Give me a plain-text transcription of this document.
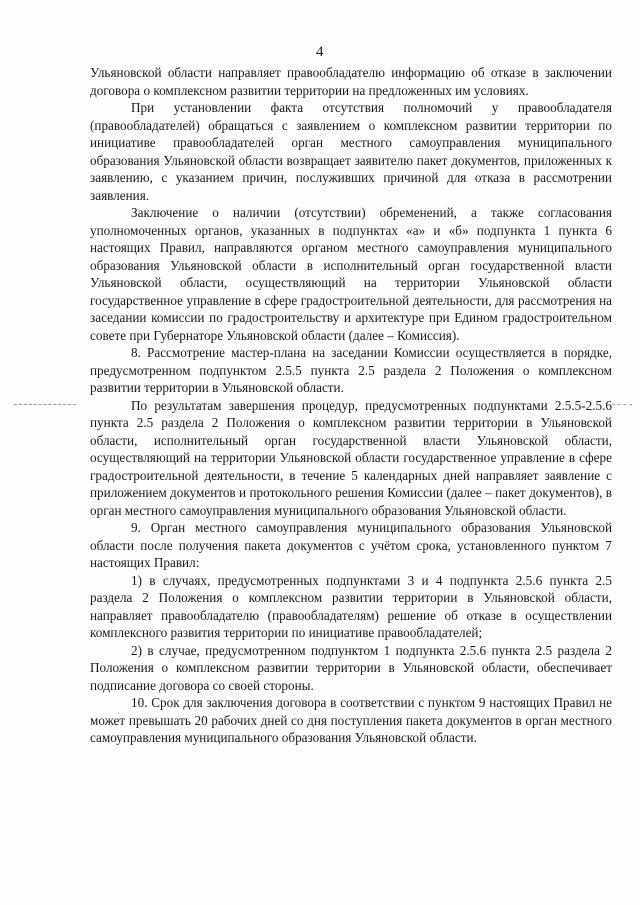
4

Ульяновской области направляет правообладателю информацию об отказе в заключении договора о комплексном развитии территории на предложенных им условиях.

При установлении факта отсутствия полномочий у правообладателя (правообладателей) обращаться с заявлением о комплексном развитии территории по инициативе правообладателей орган местного самоуправления муниципального образования Ульяновской области возвращает заявителю пакет документов, приложенных к заявлению, с указанием причин, послуживших причиной для отказа в рассмотрении заявления.

Заключение о наличии (отсутствии) обременений, а также согласования уполномоченных органов, указанных в подпунктах «а» и «б» подпункта 1 пункта 6 настоящих Правил, направляются органом местного самоуправления муниципального образования Ульяновской области в исполнительный орган государственной власти Ульяновской области, осуществляющий на территории Ульяновской области государственное управление в сфере градостроительной деятельности, для рассмотрения на заседании комиссии по градостроительству и архитектуре при Едином градостроительном совете при Губернаторе Ульяновской области (далее – Комиссия).

8. Рассмотрение мастер-плана на заседании Комиссии осуществляется в порядке, предусмотренном подпунктом 2.5.5 пункта 2.5 раздела 2 Положения о комплексном развитии территории в Ульяновской области.

По результатам завершения процедур, предусмотренных подпунктами 2.5.5-2.5.6 пункта 2.5 раздела 2 Положения о комплексном развитии территории в Ульяновской области, исполнительный орган государственной власти Ульяновской области, осуществляющий на территории Ульяновской области государственное управление в сфере градостроительной деятельности, в течение 5 календарных дней направляет заявление с приложением документов и протокольного решения Комиссии (далее – пакет документов), в орган местного самоуправления муниципального образования Ульяновской области.

9. Орган местного самоуправления муниципального образования Ульяновской области после получения пакета документов с учётом срока, установленного пунктом 7 настоящих Правил:

1) в случаях, предусмотренных подпунктами 3 и 4 подпункта 2.5.6 пункта 2.5 раздела 2 Положения о комплексном развитии территории в Ульяновской области, направляет правообладателю (правообладателям) решение об отказе в осуществлении комплексного развития территории по инициативе правообладателей;

2) в случае, предусмотренном подпунктом 1 подпункта 2.5.6 пункта 2.5 раздела 2 Положения о комплексном развитии территории в Ульяновской области, обеспечивает подписание договора со своей стороны.

10. Срок для заключения договора в соответствии с пунктом 9 настоящих Правил не может превышать 20 рабочих дней со дня поступления пакета документов в орган местного самоуправления муниципального образования Ульяновской области.
